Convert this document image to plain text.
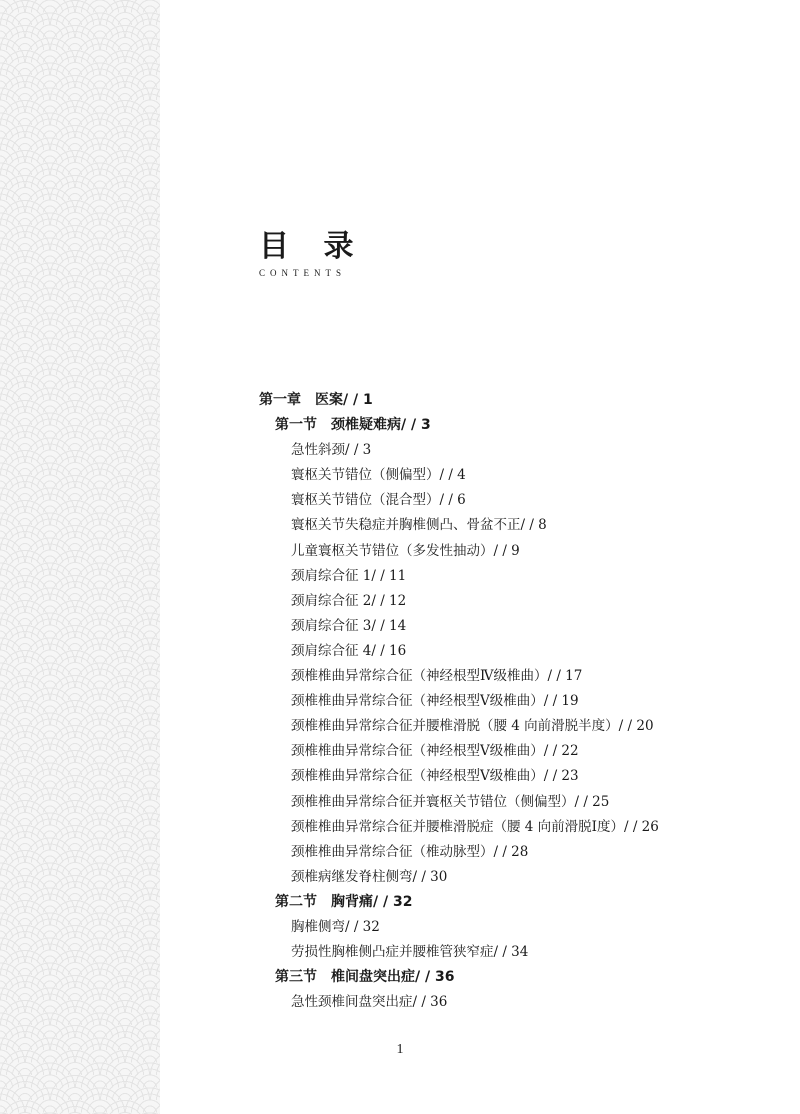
目 录
CONTENTS
第一章　医案/ / 1
第一节　颈椎疑难病/ / 3
急性斜颈/ / 3
寰枢关节错位（侧偏型）/ / 4
寰枢关节错位（混合型）/ / 6
寰枢关节失稳症并胸椎侧凸、骨盆不正/ / 8
儿童寰枢关节错位（多发性抽动）/ / 9
颈肩综合征 1/ / 11
颈肩综合征 2/ / 12
颈肩综合征 3/ / 14
颈肩综合征 4/ / 16
颈椎椎曲异常综合征（神经根型Ⅳ级椎曲）/ / 17
颈椎椎曲异常综合征（神经根型Ⅴ级椎曲）/ / 19
颈椎椎曲异常综合征并腰椎滑脱（腰 4 向前滑脱半度）/ / 20
颈椎椎曲异常综合征（神经根型Ⅴ级椎曲）/ / 22
颈椎椎曲异常综合征（神经根型Ⅴ级椎曲）/ / 23
颈椎椎曲异常综合征并寰枢关节错位（侧偏型）/ / 25
颈椎椎曲异常综合征并腰椎滑脱症（腰 4 向前滑脱Ⅰ度）/ / 26
颈椎椎曲异常综合征（椎动脉型）/ / 28
颈椎病继发脊柱侧弯/ / 30
第二节　胸背痛/ / 32
胸椎侧弯/ / 32
劳损性胸椎侧凸症并腰椎管狭窄症/ / 34
第三节　椎间盘突出症/ / 36
急性颈椎间盘突出症/ / 36
1
